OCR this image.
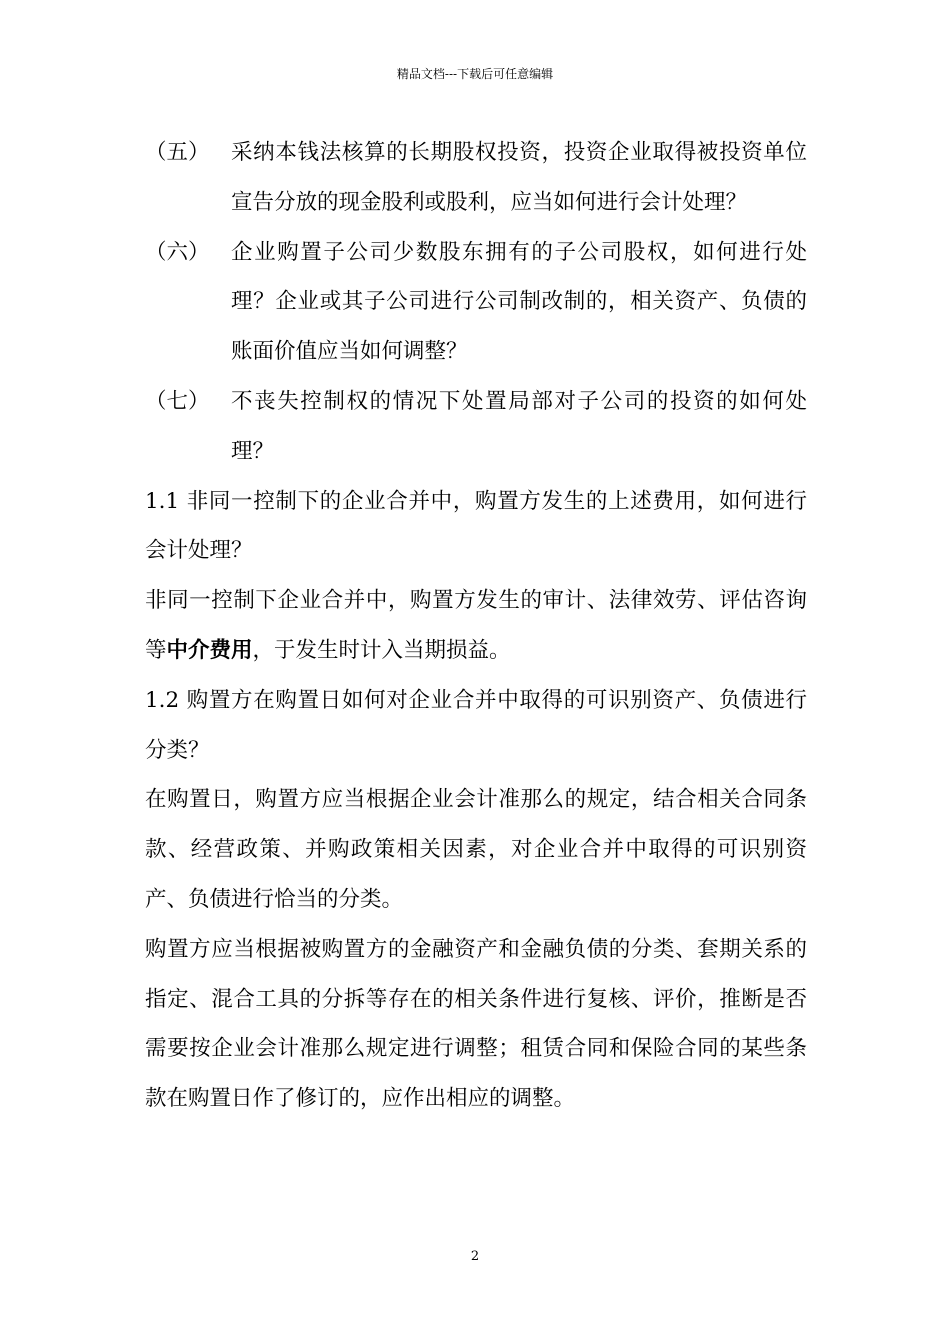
精品文档---下载后可任意编辑
（五） 采纳本钱法核算的长期股权投资，投资企业取得被投资单位宣告分放的现金股利或股利，应当如何进行会计处理？
（六） 企业购置子公司少数股东拥有的子公司股权，如何进行处理？企业或其子公司进行公司制改制的，相关资产、负债的账面价值应当如何调整？
（七） 不丧失控制权的情况下处置局部对子公司的投资的如何处理？

1.1 非同一控制下的企业合并中，购置方发生的上述费用，如何进行会计处理？

非同一控制下企业合并中，购置方发生的审计、法律效劳、评估咨询等中介费用，于发生时计入当期损益。

1.2 购置方在购置日如何对企业合并中取得的可识别资产、负债进行分类？

在购置日，购置方应当根据企业会计准那么的规定，结合相关合同条款、经营政策、并购政策相关因素，对企业合并中取得的可识别资产、负债进行恰当的分类。

购置方应当根据被购置方的金融资产和金融负债的分类、套期关系的指定、混合工具的分拆等存在的相关条件进行复核、评价，推断是否需要按企业会计准那么规定进行调整；租赁合同和保险合同的某些条款在购置日作了修订的，应作出相应的调整。

2
